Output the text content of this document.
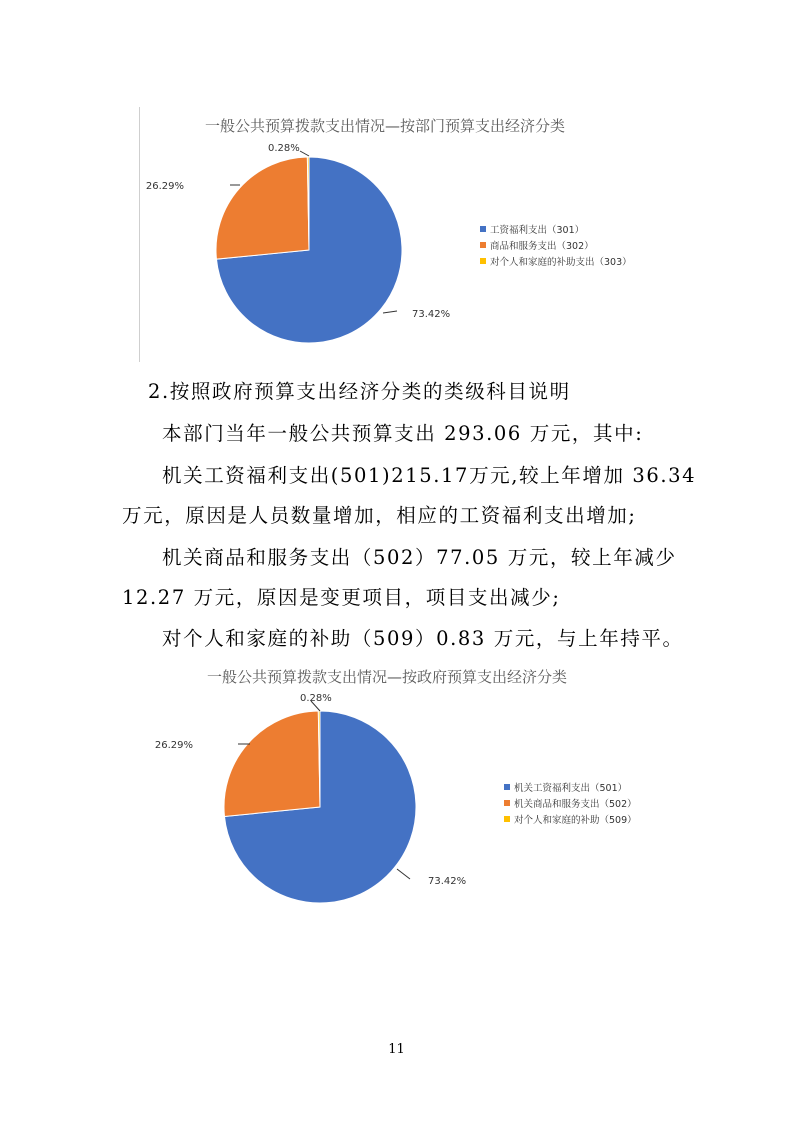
一般公共预算拨款支出情况—按部门预算支出经济分类
73.42%
26.29%
0.28%
工资福利支出（301）
商品和服务支出（302）
对个人和家庭的补助支出（303）
2.按照政府预算支出经济分类的类级科目说明
本部门当年一般公共预算支出 293.06 万元，其中:
机关工资福利支出(501)215.17万元,较上年增加 36.34
万元，原因是人员数量增加，相应的工资福利支出增加;
机关商品和服务支出（502）77.05 万元，较上年减少
12.27 万元，原因是变更项目，项目支出减少;
对个人和家庭的补助（509）0.83 万元，与上年持平。
一般公共预算拨款支出情况—按政府预算支出经济分类
73.42%
26.29%
0.28%
机关工资福利支出（501）
机关商品和服务支出（502）
对个人和家庭的补助（509）
11
